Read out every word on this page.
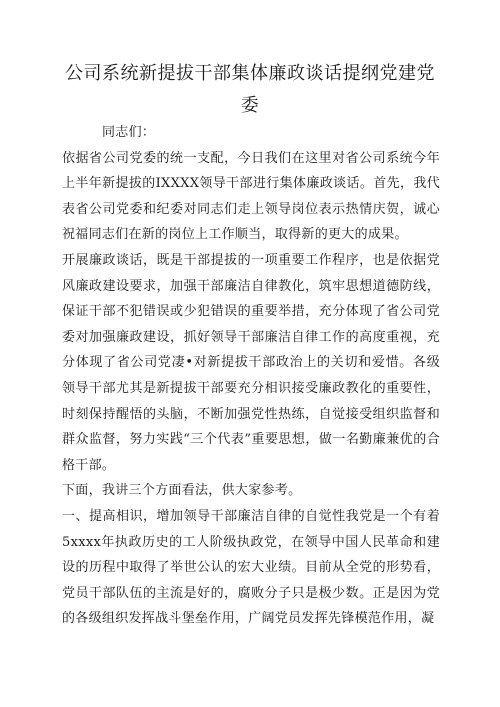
公司系统新提拔干部集体廉政谈话提纲党建党委

同志们：

依据省公司党委的统一支配，今日我们在这里对省公司系统今年上半年新提拔的IXXXX领导干部进行集体廉政谈话。首先，我代表省公司党委和纪委对同志们走上领导岗位表示热情庆贺，诚心祝福同志们在新的岗位上工作顺当，取得新的更大的成果。

开展廉政谈话，既是干部提拔的一项重要工作程序，也是依据党风廉政建设要求，加强干部廉洁自律教化，筑牢思想道德防线，保证干部不犯错误或少犯错误的重要举措，充分体现了省公司党委对加强廉政建设，抓好领导干部廉洁自律工作的高度重视，充分体现了省公司党凄•对新提拔干部政治上的关切和爱惜。各级领导干部尤其是新提拔干部要充分相识接受廉政教化的重要性，时刻保持醒悟的头脑，不断加强党性热练，自觉接受组织监督和群众监督，努力实践“三个代表”重要思想，做一名勤廉兼优的合格干部。

下面，我讲三个方面看法，供大家参考。

一、提高相识，增加领导干部廉洁自律的自觉性我党是一个有着5xxxx年执政历史的工人阶级执政党，在领导中国人民革命和建设的历程中取得了举世公认的宏大业绩。目前从全党的形势看，党员干部队伍的主流是好的，腐败分子只是极少数。正是因为党的各级组织发挥战斗堡垒作用，广阔党员发挥先锋模范作用，凝
